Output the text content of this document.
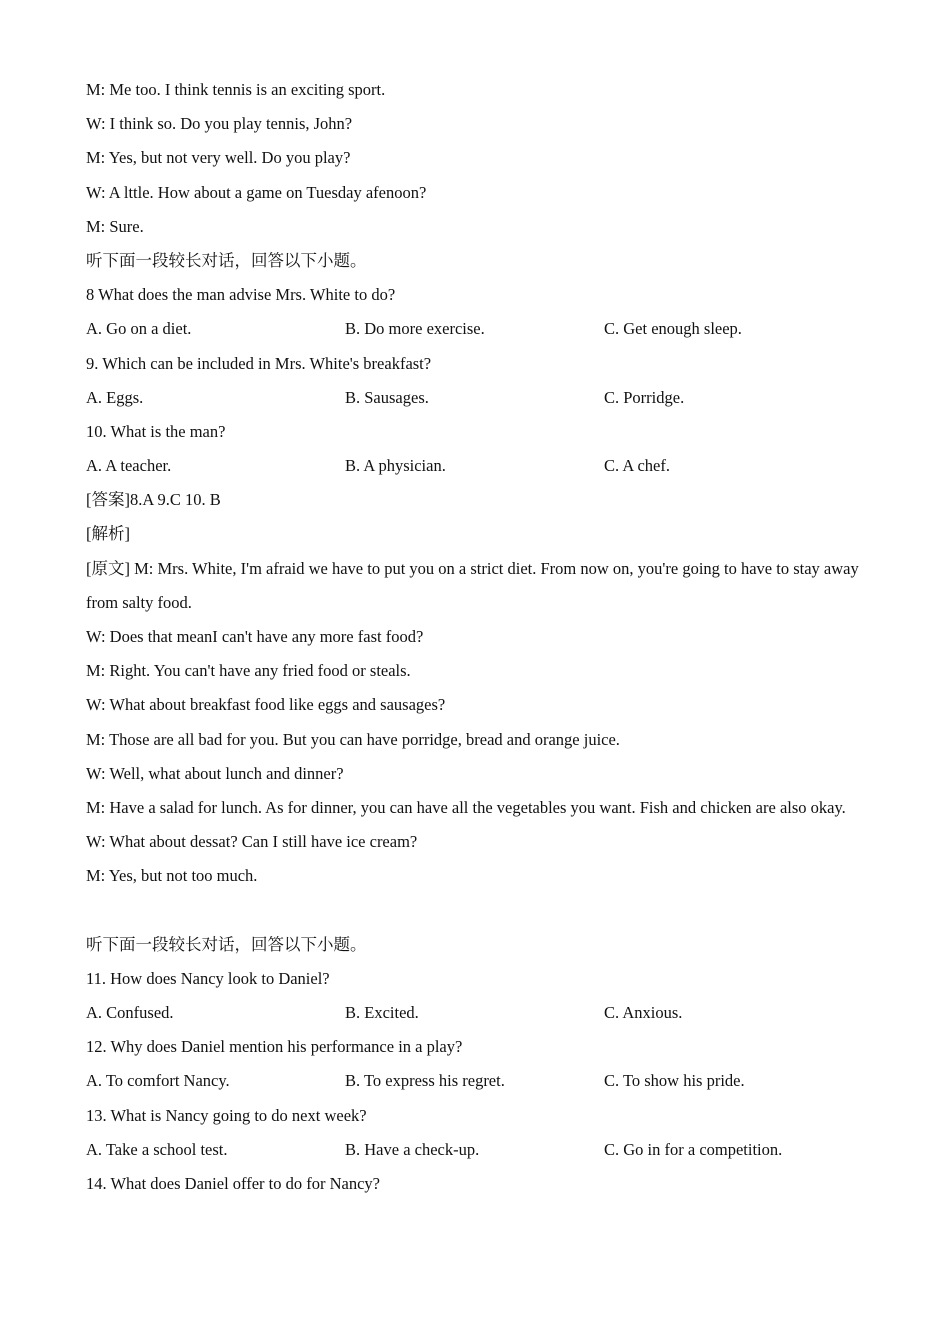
M: Me too. I think tennis is an exciting sport.
W: I think so. Do you play tennis, John?
M: Yes, but not very well. Do you play?
W: A lttle. How about a game on Tuesday afenoon?
M: Sure.
听下面一段较长对话，回答以下小题。
8 What does the man advise Mrs. White to do?
A. Go on a diet.	B. Do more exercise.	C. Get enough sleep.
9. Which can be included in Mrs. White's breakfast?
A. Eggs.	B. Sausages.	C. Porridge.
10. What is the man?
A. A teacher.	B. A physician.	C. A chef.
[答案]8.A 9.C 10. B
[解析]
[原文] M: Mrs. White, I'm afraid we have to put you on a strict diet. From now on, you're going to have to stay away from salty food.
W: Does that meanI can't have any more fast food?
M: Right. You can't have any fried food or steals.
W: What about breakfast food like eggs and sausages?
M: Those are all bad for you. But you can have porridge, bread and orange juice.
W: Well, what about lunch and dinner?
M: Have a salad for lunch. As for dinner, you can have all the vegetables you want. Fish and chicken are also okay.
W: What about dessat? Can I still have ice cream?
M: Yes, but not too much.
听下面一段较长对话，回答以下小题。
11. How does Nancy look to Daniel?
A. Confused.	B. Excited.	C. Anxious.
12. Why does Daniel mention his performance in a play?
A. To comfort Nancy.	B. To express his regret.	C. To show his pride.
13. What is Nancy going to do next week?
A. Take a school test.	B. Have a check-up.	C. Go in for a competition.
14. What does Daniel offer to do for Nancy?
